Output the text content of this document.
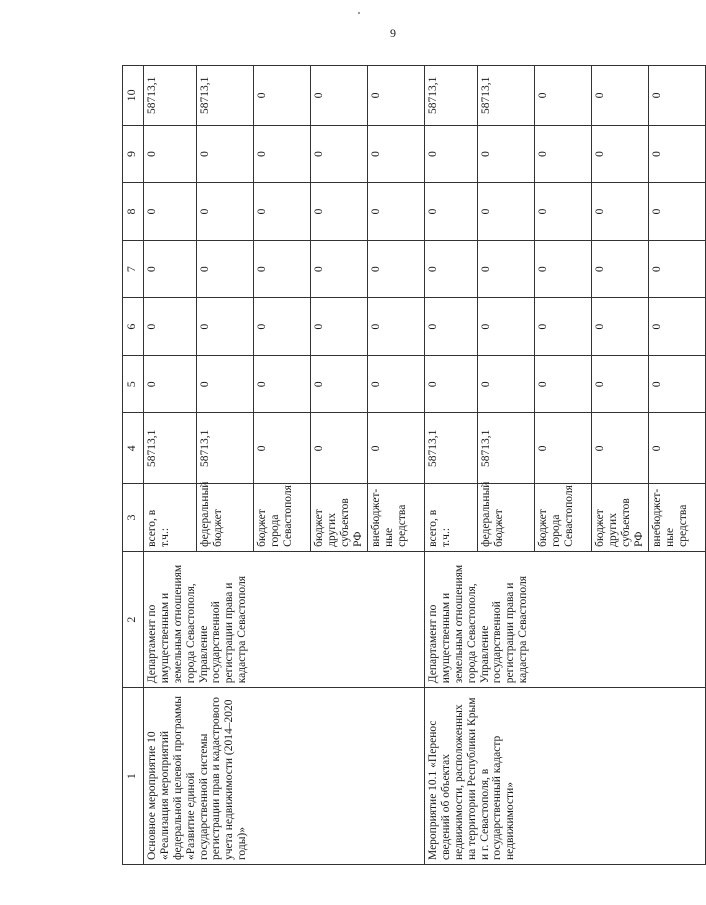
9
1	2	3	4	5	6	7	8	9	10
Основное мероприятие 10 «Реализация мероприятий федеральной целевой программы «Развитие единой государственной системы регистрации прав и кадастрового учета недвижимости (2014–2020 годы)»	Департамент по имущественным и земельным отношениям города Севастополя, Управление государственной регистрации права и кадастра Севастополя	всего, в т.ч.:	58713,1	0	0	0	0	0	58713,1
		федеральный бюджет	58713,1	0	0	0	0	0	58713,1
		бюджет города Севастополя	0	0	0	0	0	0	0
		бюджет других субъектов РФ	0	0	0	0	0	0	0
		внебюджет-ные средства	0	0	0	0	0	0	0
Мероприятие 10.1 «Перенос сведений об объектах недвижимости, расположенных на территории Республики Крым и г. Севастополя, в государственный кадастр недвижимости»	Департамент по имущественным и земельным отношениям города Севастополя, Управление государственной регистрации права и кадастра Севастополя	всего, в т.ч.:	58713,1	0	0	0	0	0	58713,1
		федеральный бюджет	58713,1	0	0	0	0	0	58713,1
		бюджет города Севастополя	0	0	0	0	0	0	0
		бюджет других субъектов РФ	0	0	0	0	0	0	0
		внебюджет-ные средства	0	0	0	0	0	0	0
